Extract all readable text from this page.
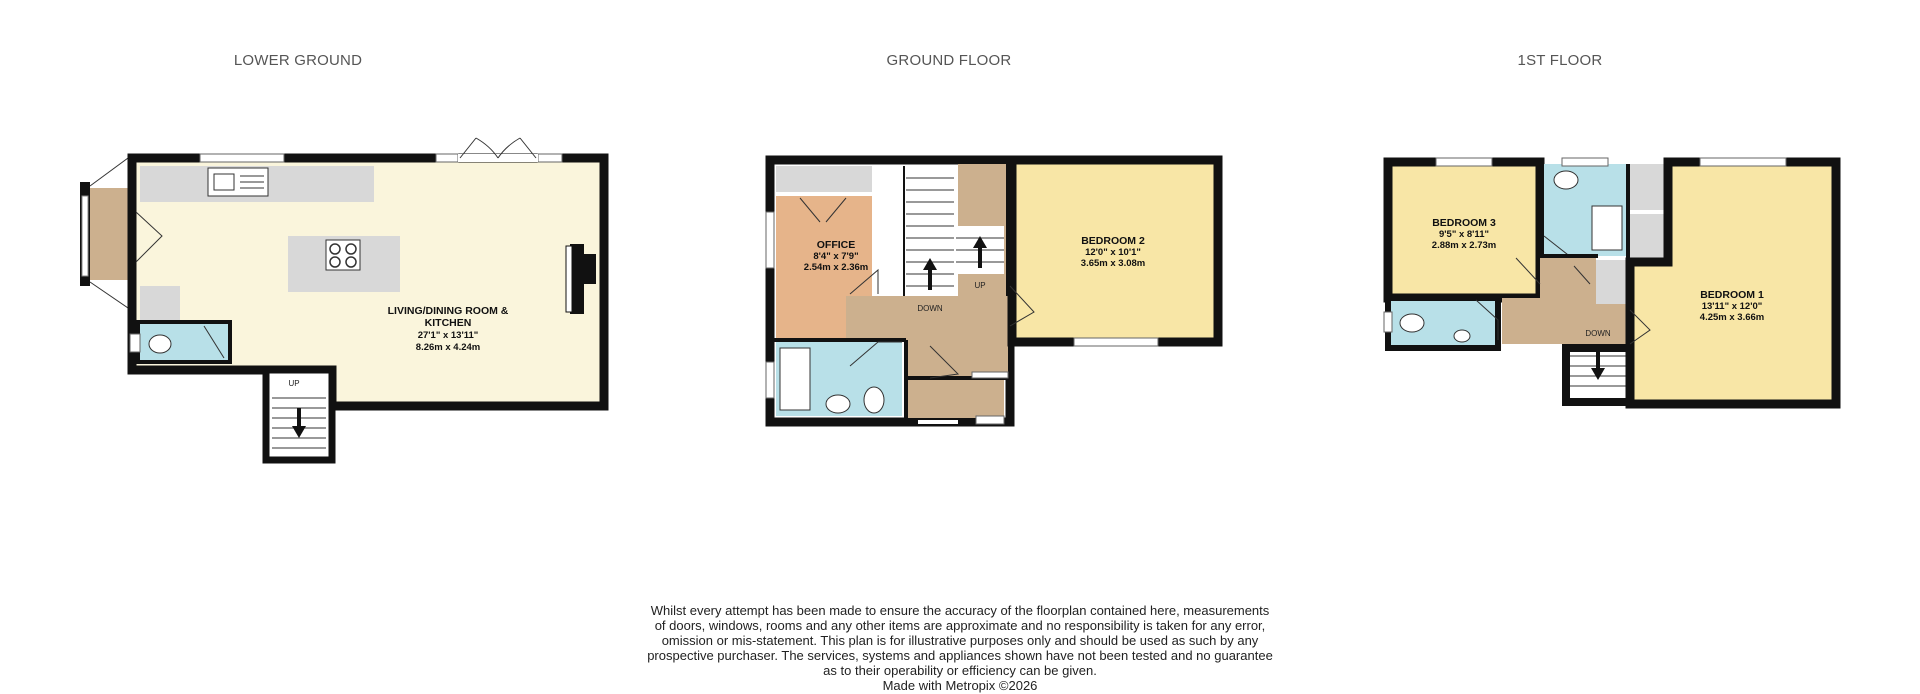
LOWER GROUND	GROUND FLOOR	1ST FLOOR
UP
LIVING/DINING ROOM &
KITCHEN
27'1" x 13'11"
8.26m x 4.24m
OFFICE
8'4" x 7'9"
2.54m x 2.36m
DOWN
UP
BEDROOM 2
12'0" x 10'1"
3.65m x 3.08m
BEDROOM 3
9'5" x 8'11"
2.88m x 2.73m
DOWN
BEDROOM 1
13'11" x 12'0"
4.25m x 3.66m
Whilst every attempt has been made to ensure the accuracy of the floorplan contained here, measurements
of doors, windows, rooms and any other items are approximate and no responsibility is taken for any error,
omission or mis-statement. This plan is for illustrative purposes only and should be used as such by any
prospective purchaser. The services, systems and appliances shown have not been tested and no guarantee
as to their operability or efficiency can be given.
Made with Metropix ©2026
